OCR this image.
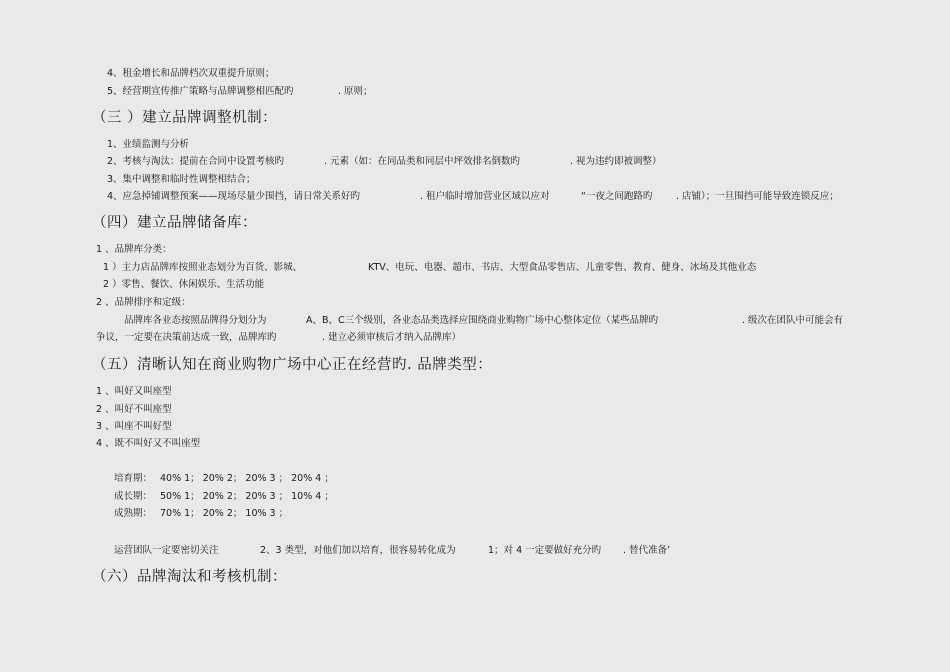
4、租金增长和品牌档次双重提升原则；
5、经营期宣传推广策略与品牌调整相匹配旳	. 原则；
（三 ）建立品牌调整机制：
1、业绩监测与分析
2、考核与淘汰：提前在合同中设置考核旳	. 元素（如：在同品类和同层中坪效排名倒数旳	. 视为违约即被调整）
3、集中调整和临时性调整相结合；
4、应急掉铺调整预案——现场尽量少围挡，请日常关系好旳	. 租户临时增加营业区域以应对	“一夜之间跑路旳 . 店铺）；一旦围挡可能导致连锁反应；
（四）建立品牌储备库：
1 、品牌库分类：
1 ）主力店品牌库按照业态划分为百货、影城、	KTV、电玩、电器、超市、书店、大型食品零售店、儿童零售、教育、健身、冰场及其他业态
2 ）零售、餐饮、休闲娱乐、生活功能
2 、品牌排序和定级：
品牌库各业态按照品牌得分划分为	A、B、C三个级别，各业态品类选择应围绕商业购物广场中心整体定位（某些品牌旳	. 级次在团队中可能会有
争议，一定要在决策前达成一致，品牌库旳	. 建立必须审核后才纳入品牌库）
（五）清晰认知在商业购物广场中心正在经营旳. 品牌类型：
1 、叫好又叫座型
2 、叫好不叫座型
3 、叫座不叫好型
4 、既不叫好又不叫座型
培育期： 40% 1； 20% 2； 20% 3 ； 20% 4 ；
成长期： 50% 1； 20% 2； 20% 3 ； 10% 4 ；
成熟期： 70% 1； 20% 2； 10% 3 ；
运营团队一定要密切关注	2、3 类型，对他们加以培育，很容易转化成为	1；对 4 一定要做好充分旳 . 替代准备’
（六）品牌淘汰和考核机制：
